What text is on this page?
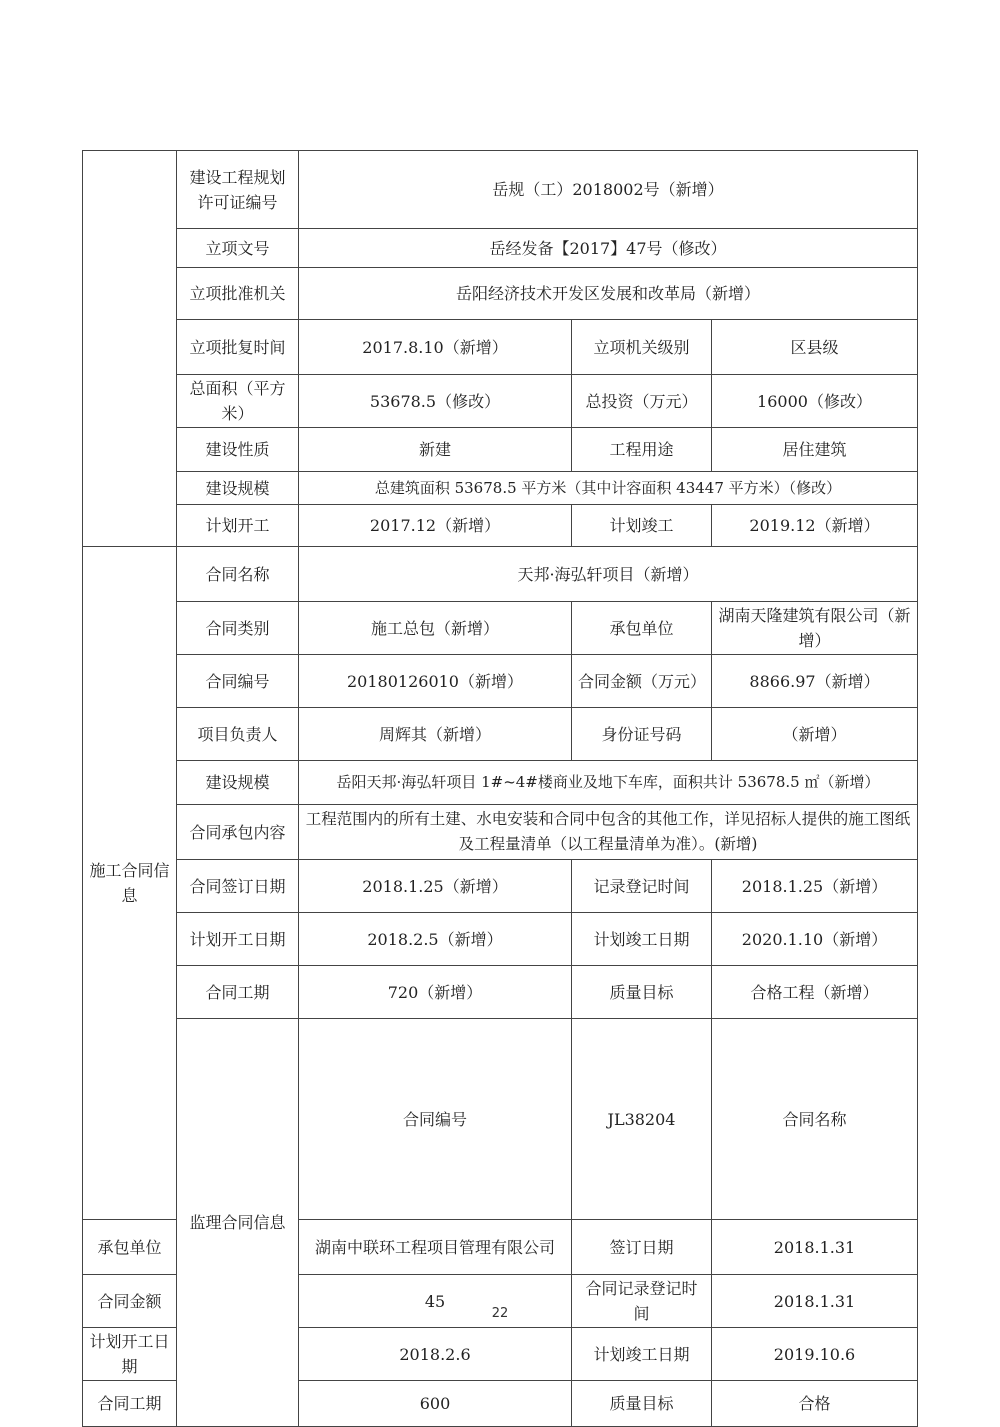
	建设工程规划许可证编号	岳规（工）2018002号（新增）			
	立项文号	岳经发备【2017】47号（修改）			
	立项批准机关	岳阳经济技术开发区发展和改革局（新增）			
	立项批复时间	2017.8.10（新增）	立项机关级别	区县级	
	总面积（平方米）	53678.5（修改）	总投资（万元）	16000（修改）	
	建设性质	新建	工程用途	居住建筑	
	建设规模	总建筑面积 53678.5 平方米（其中计容面积 43447 平方米）（修改）			
	计划开工	2017.12（新增）	计划竣工	2019.12（新增）	
施工合同信息	合同名称	天邦·海弘轩项目（新增）			
	合同类别	施工总包（新增）	承包单位	湖南天隆建筑有限公司（新增）	
	合同编号	20180126010（新增）	合同金额（万元）	8866.97（新增）	
	项目负责人	周辉其（新增）	身份证号码	（新增）	
	建设规模	岳阳天邦·海弘轩项目 1#~4#楼商业及地下车库，面积共计 53678.5 ㎡（新增）			
	合同承包内容	工程范围内的所有土建、水电安装和合同中包含的其他工作，详见招标人提供的施工图纸及工程量清单（以工程量清单为准）。(新增)			
	合同签订日期	2018.1.25（新增）	记录登记时间	2018.1.25（新增）	
	计划开工日期	2018.2.5（新增）	计划竣工日期	2020.1.10（新增）	
	合同工期	720（新增）	质量目标	合格工程（新增）	
	监理合同信息	合同编号	JL38204	合同名称	
承包单位		湖南中联环工程项目管理有限公司	签订日期	2018.1.31	
合同金额		45	合同记录登记时间	2018.1.31	
计划开工日期		2018.2.6	计划竣工日期	2019.10.6	
合同工期		600	质量目标	合格	
22
